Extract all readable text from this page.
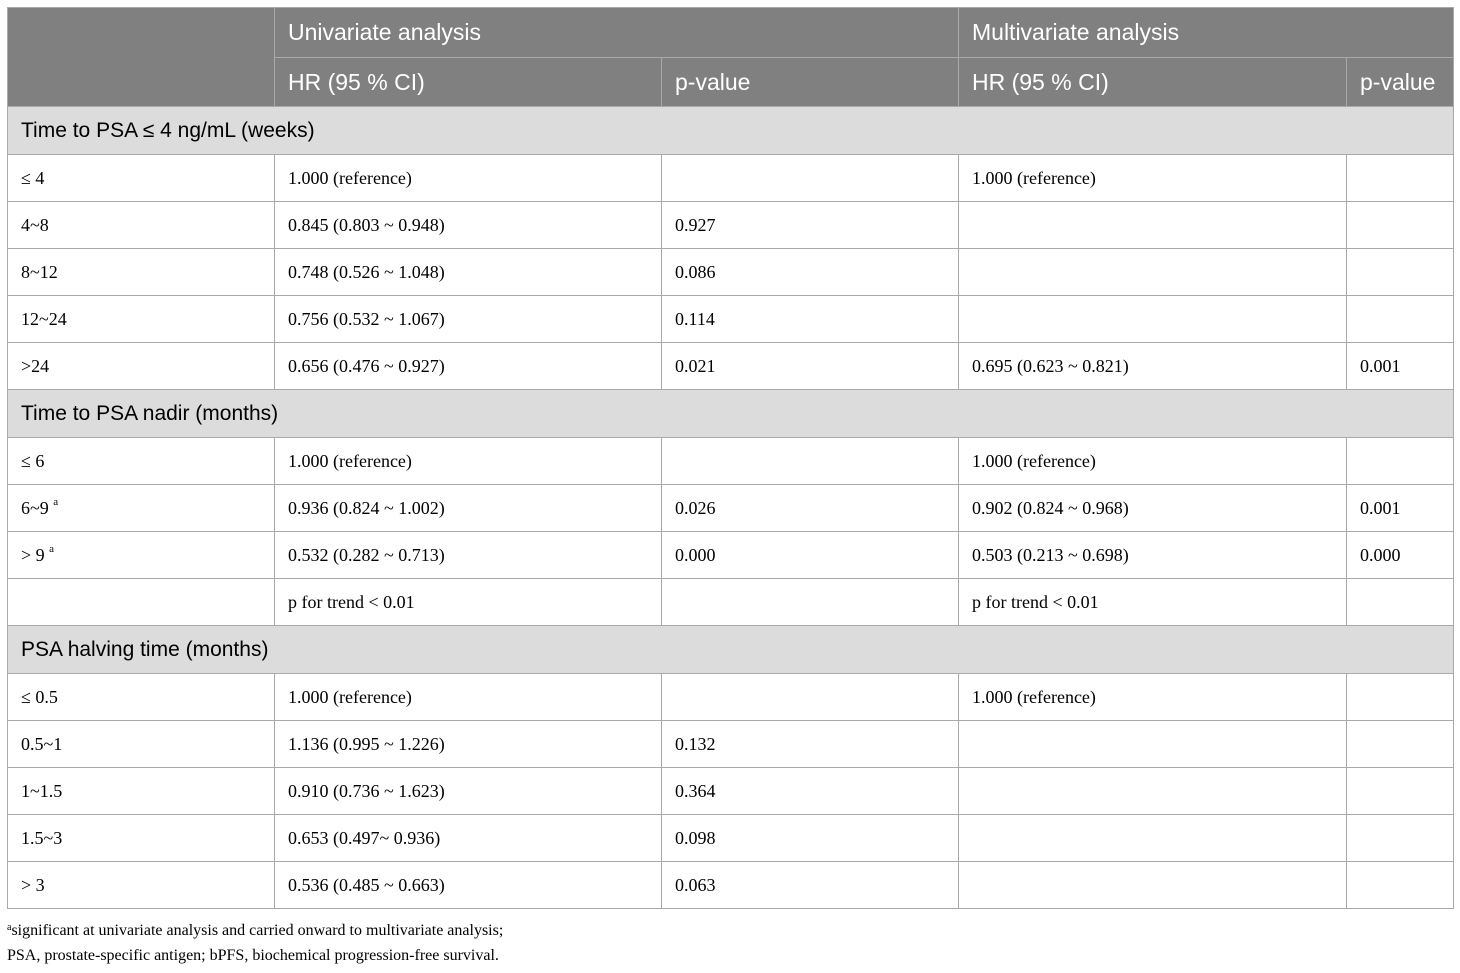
	Univariate analysis		Multivariate analysis	
	HR (95 % CI)	p-value	HR (95 % CI)	p-value
Time to PSA ≤ 4 ng/mL (weeks)				
≤ 4	1.000 (reference)		1.000 (reference)	
4~8	0.845 (0.803 ~ 0.948)	0.927		
8~12	0.748 (0.526 ~ 1.048)	0.086		
12~24	0.756 (0.532 ~ 1.067)	0.114		
>24	0.656 (0.476 ~ 0.927)	0.021	0.695 (0.623 ~ 0.821)	0.001
Time to PSA nadir (months)				
≤ 6	1.000 (reference)		1.000 (reference)	
6~9 $^a$	0.936 (0.824 ~ 1.002)	0.026	0.902 (0.824 ~ 0.968)	0.001
> 9 $^a$	0.532 (0.282 ~ 0.713)	0.000	0.503 (0.213 ~ 0.698)	0.000
	p for trend < 0.01		p for trend < 0.01	
PSA halving time (months)				
≤ 0.5	1.000 (reference)		1.000 (reference)	
0.5~1	1.136 (0.995 ~ 1.226)	0.132		
1~1.5	0.910 (0.736 ~ 1.623)	0.364		
1.5~3	0.653 (0.497~ 0.936)	0.098		
> 3	0.536 (0.485 ~ 0.663)	0.063		
$^a$significant at univariate analysis and carried onward to multivariate analysis;
PSA, prostate-specific antigen; bPFS, biochemical progression-free survival.
